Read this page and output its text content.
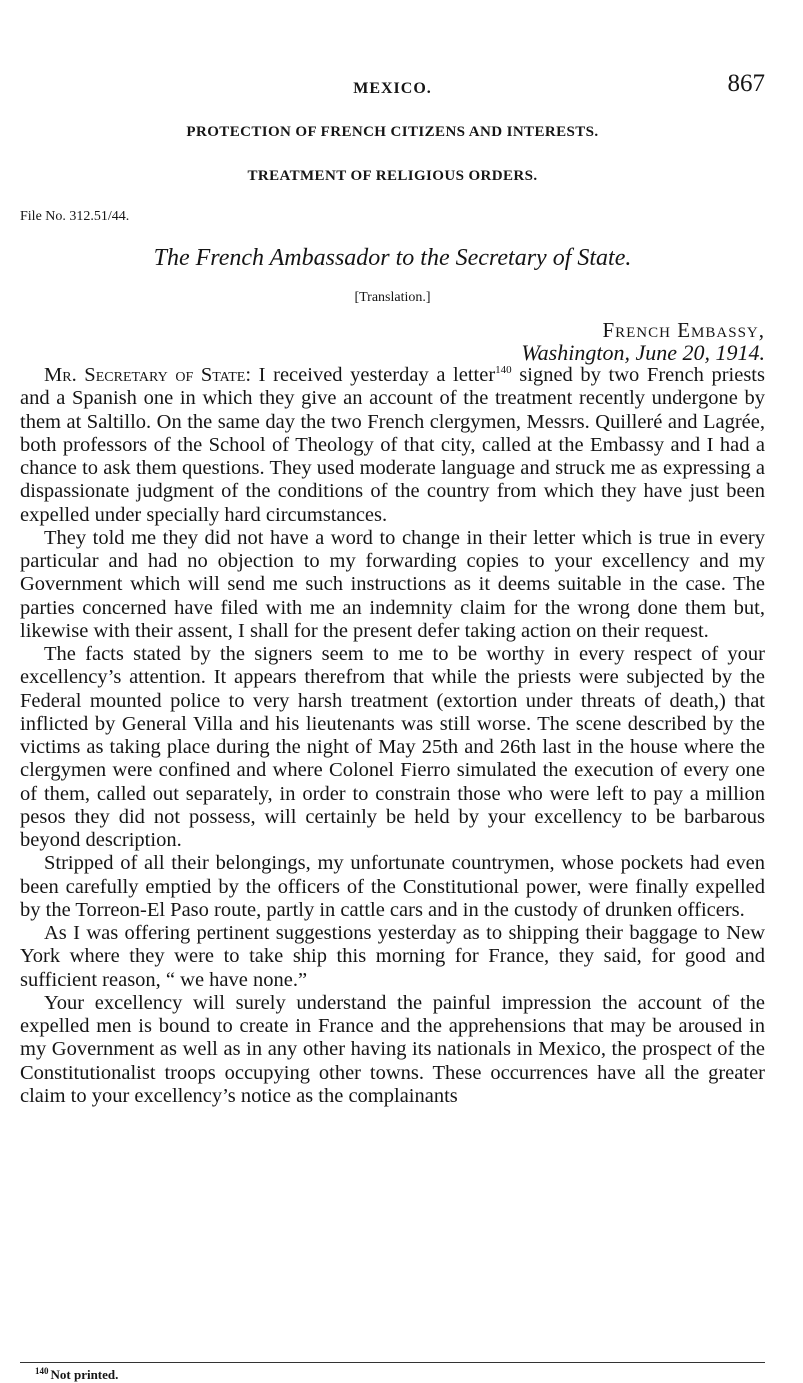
MEXICO.	867
PROTECTION OF FRENCH CITIZENS AND INTERESTS.
TREATMENT OF RELIGIOUS ORDERS.
File No. 312.51/44.
The French Ambassador to the Secretary of State.
[Translation.]
French Embassy,
Washington, June 20, 1914.

Mr. Secretary of State: I received yesterday a letter$^{140}$ signed by two French priests and a Spanish one in which they give an account of the treatment recently undergone by them at Saltillo. On the same day the two French clergymen, Messrs. Quilleré and Lagrée, both professors of the School of Theology of that city, called at the Embassy and I had a chance to ask them questions. They used moderate language and struck me as expressing a dispassionate judgment of the conditions of the country from which they have just been expelled under specially hard circumstances.

They told me they did not have a word to change in their letter which is true in every particular and had no objection to my forwarding copies to your excellency and my Government which will send me such instructions as it deems suitable in the case. The parties concerned have filed with me an indemnity claim for the wrong done them but, likewise with their assent, I shall for the present defer taking action on their request.

The facts stated by the signers seem to me to be worthy in every respect of your excellency’s attention. It appears therefrom that while the priests were subjected by the Federal mounted police to very harsh treatment (extortion under threats of death,) that inflicted by General Villa and his lieutenants was still worse. The scene described by the victims as taking place during the night of May 25th and 26th last in the house where the clergymen were confined and where Colonel Fierro simulated the execution of every one of them, called out separately, in order to constrain those who were left to pay a million pesos they did not possess, will certainly be held by your excellency to be barbarous beyond description.

Stripped of all their belongings, my unfortunate countrymen, whose pockets had even been carefully emptied by the officers of the Constitutional power, were finally expelled by the Torreon-El Paso route, partly in cattle cars and in the custody of drunken officers.

As I was offering pertinent suggestions yesterday as to shipping their baggage to New York where they were to take ship this morning for France, they said, for good and sufficient reason, “ we have none.”

Your excellency will surely understand the painful impression the account of the expelled men is bound to create in France and the apprehensions that may be aroused in my Government as well as in any other having its nationals in Mexico, the prospect of the Constitutionalist troops occupying other towns. These occurrences have all the greater claim to your excellency’s notice as the complainants

$^{140}$ Not printed.
